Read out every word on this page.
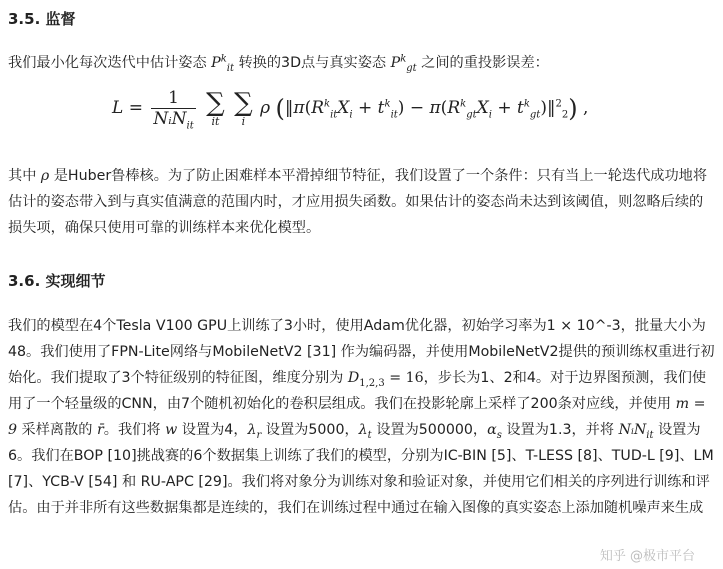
3.5. 监督
我们最小化每次迭代中估计姿态 $P^k_{it}$ 转换的3D点与真实姿态 $P^k_{gt}$ 之间的重投影误差：
$L = \frac{1}{NᵢN_{it}}$
∑
it

∑
i
ρ ($‖\pi(R^k_{it}X_i + t^k_{it}) - \pi(R^k_{gt}X_i$ + $t^k_{gt})‖^2_2$) ,
其中 ρ 是Huber鲁棒核。为了防止困难样本平滑掉细节特征，我们设置了一个条件：只有当上一轮迭代成功地将估计的姿态带入到与真实值满意的范围内时，才应用损失函数。如果估计的姿态尚未达到该阈值，则忽略后续的损失项，确保只使用可靠的训练样本来优化模型。
3.6. 实现细节
我们的模型在4个Tesla V100 GPU上训练了3小时，使用Adam优化器，初始学习率为1 × 10^-3，批量大小为48。我们使用了FPN-Lite网络与MobileNetV2 [31] 作为编码器，并使用MobileNetV2提供的预训练权重进行初始化。我们提取了3个特征级别的特征图，维度分别为 $D_{1,2,3} = 16$，步长为1、2和4。对于边界图预测，我们使用了一个轻量级的CNN，由7个随机初始化的卷积层组成。我们在投影轮廓上采样了200条对应线，并使用 m = 9 采样离散的 r̄。我们将 w 设置为4，$\lambda_r$ 设置为5000，$\lambda_t$ 设置为500000，$\alpha_s$ 设置为1.3，并将 NᵢN$_{it}$ 设置为6。我们在BOP [10]挑战赛的6个数据集上训练了我们的模型，分别为IC-BIN [5]、T-LESS [8]、TUD-L [9]、LM [7]、YCB-V [54] 和 RU-APC [29]。我们将对象分为训练对象和验证对象，并使用它们相关的序列进行训练和评估。由于并非所有这些数据集都是连续的，我们在训练过程中通过在输入图像的真实姿态上添加随机噪声来生成
知乎 @极市平台
